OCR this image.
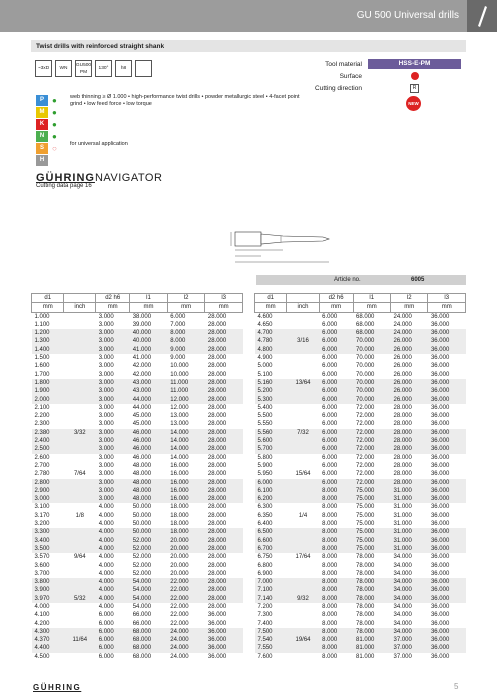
GU 500 Universal drills
Twist drills with reinforced straight shank
~3xD WN
GU500 PM
130°	h8
Tool material	HSS-E-PM
Surface
Cutting direction	R
NEW
P	●
M ●
K ●
N ●
S	○
H
web thinning ≥ Ø 1.000 • high-performance twist drills • powder metallurgic steel • 4-facet point grind • low feed force • low torque
for universal application
GÜHRINGNAVIGATOR
Cutting data page 16
Article no.	6005
d1		d2 h6	l1	l2	l3
mm	inch	mm	mm	mm	mm
1.000		3.000	38.000	6.000	28.000
1.100		3.000	39.000	7.000	28.000
1.200		3.000	40.000	8.000	28.000
1.300		3.000	40.000	8.000	28.000
1.400		3.000	41.000	9.000	28.000
1.500		3.000	41.000	9.000	28.000
1.600		3.000	42.000	10.000	28.000
1.700		3.000	42.000	10.000	28.000
1.800		3.000	43.000	11.000	28.000
1.900		3.000	43.000	11.000	28.000
2.000		3.000	44.000	12.000	28.000
2.100		3.000	44.000	12.000	28.000
2.200		3.000	45.000	13.000	28.000
2.300		3.000	45.000	13.000	28.000
2.380	3/32	3.000	46.000	14.000	28.000
2.400		3.000	46.000	14.000	28.000
2.500		3.000	46.000	14.000	28.000
2.600		3.000	46.000	14.000	28.000
2.700		3.000	48.000	16.000	28.000
2.780	7/64	3.000	48.000	16.000	28.000
2.800		3.000	48.000	16.000	28.000
2.900		3.000	48.000	16.000	28.000
3.000		3.000	48.000	16.000	28.000
3.100		4.000	50.000	18.000	28.000
3.170	1/8	4.000	50.000	18.000	28.000
3.200		4.000	50.000	18.000	28.000
3.300		4.000	50.000	18.000	28.000
3.400		4.000	52.000	20.000	28.000
3.500		4.000	52.000	20.000	28.000
3.570	9/64	4.000	52.000	20.000	28.000
3.600		4.000	52.000	20.000	28.000
3.700		4.000	52.000	20.000	28.000
3.800		4.000	54.000	22.000	28.000
3.900		4.000	54.000	22.000	28.000
3.970	5/32	4.000	54.000	22.000	28.000
4.000		4.000	54.000	22.000	28.000
4.100		6.000	66.000	22.000	36.000
4.200		6.000	66.000	22.000	36.000
4.300		6.000	68.000	24.000	36.000
4.370	11/64	6.000	68.000	24.000	36.000
4.400		6.000	68.000	24.000	36.000
4.500		6.000	68.000	24.000	36.000
d1		d2 h6	l1	l2	l3
mm	inch	mm	mm	mm	mm
4.600		6.000	68.000	24.000	36.000
4.650		6.000	68.000	24.000	36.000
4.700		6.000	68.000	24.000	36.000
4.780	3/16	6.000	70.000	26.000	36.000
4.800		6.000	70.000	26.000	36.000
4.900		6.000	70.000	26.000	36.000
5.000		6.000	70.000	26.000	36.000
5.100		6.000	70.000	26.000	36.000
5.160	13/64	6.000	70.000	26.000	36.000
5.200		6.000	70.000	26.000	36.000
5.300		6.000	70.000	26.000	36.000
5.400		6.000	72.000	28.000	36.000
5.500		6.000	72.000	28.000	36.000
5.550		6.000	72.000	28.000	36.000
5.560	7/32	6.000	72.000	28.000	36.000
5.600		6.000	72.000	28.000	36.000
5.700		6.000	72.000	28.000	36.000
5.800		6.000	72.000	28.000	36.000
5.900		6.000	72.000	28.000	36.000
5.950	15/64	6.000	72.000	28.000	36.000
6.000		6.000	72.000	28.000	36.000
6.100		8.000	75.000	31.000	36.000
6.200		8.000	75.000	31.000	36.000
6.300		8.000	75.000	31.000	36.000
6.350	1/4	8.000	75.000	31.000	36.000
6.400		8.000	75.000	31.000	36.000
6.500		8.000	75.000	31.000	36.000
6.600		8.000	75.000	31.000	36.000
6.700		8.000	75.000	31.000	36.000
6.750	17/64	8.000	78.000	34.000	36.000
6.800		8.000	78.000	34.000	36.000
6.900		8.000	78.000	34.000	36.000
7.000		8.000	78.000	34.000	36.000
7.100		8.000	78.000	34.000	36.000
7.140	9/32	8.000	78.000	34.000	36.000
7.200		8.000	78.000	34.000	36.000
7.300		8.000	78.000	34.000	36.000
7.400		8.000	78.000	34.000	36.000
7.500		8.000	78.000	34.000	36.000
7.540	19/64	8.000	81.000	37.000	36.000
7.550		8.000	81.000	37.000	36.000
7.600		8.000	81.000	37.000	36.000
GÜHRING	5
